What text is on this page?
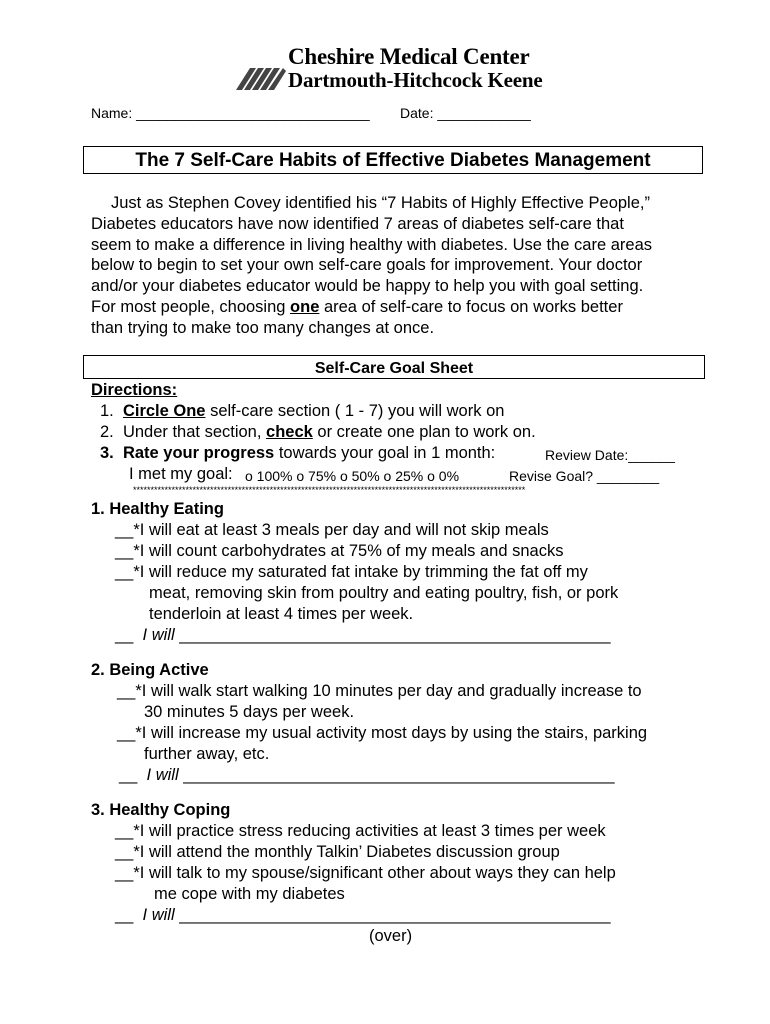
Cheshire Medical Center
Dartmouth-Hitchcock Keene
Name: ______________________________ Date: ____________
The 7 Self-Care Habits of Effective Diabetes Management
Just as Stephen Covey identified his “7 Habits of Highly Effective People,”
Diabetes educators have now identified 7 areas of diabetes self-care that
seem to make a difference in living healthy with diabetes. Use the care areas
below to begin to set your own self-care goals for improvement. Your doctor
and/or your diabetes educator would be happy to help you with goal setting.
For most people, choosing one area of self-care to focus on works better
than trying to make too many changes at once.
Self-Care Goal Sheet
Directions:
1. Circle One self-care section ( 1 - 7) you will work on
2. Under that section, check or create one plan to work on.
3. Rate your progress towards your goal in 1 month:	Review Date:______
I met my goal: o 100% o 75% o 50% o 25% o 0%	Revise Goal? ________
****************************************************************************************************************
1. Healthy Eating
__*I will eat at least 3 meals per day and will not skip meals
__*I will count carbohydrates at 75% of my meals and snacks
__*I will reduce my saturated fat intake by trimming the fat off my
meat, removing skin from poultry and eating poultry, fish, or pork
tenderloin at least 4 times per week.
__ I will _______________________________________________
2. Being Active
__*I will walk start walking 10 minutes per day and gradually increase to
30 minutes 5 days per week.
__*I will increase my usual activity most days by using the stairs, parking
further away, etc.
__ I will _______________________________________________
3. Healthy Coping
__*I will practice stress reducing activities at least 3 times per week
__*I will attend the monthly Talkin’ Diabetes discussion group
__*I will talk to my spouse/significant other about ways they can help
me cope with my diabetes
__ I will _______________________________________________
(over)
